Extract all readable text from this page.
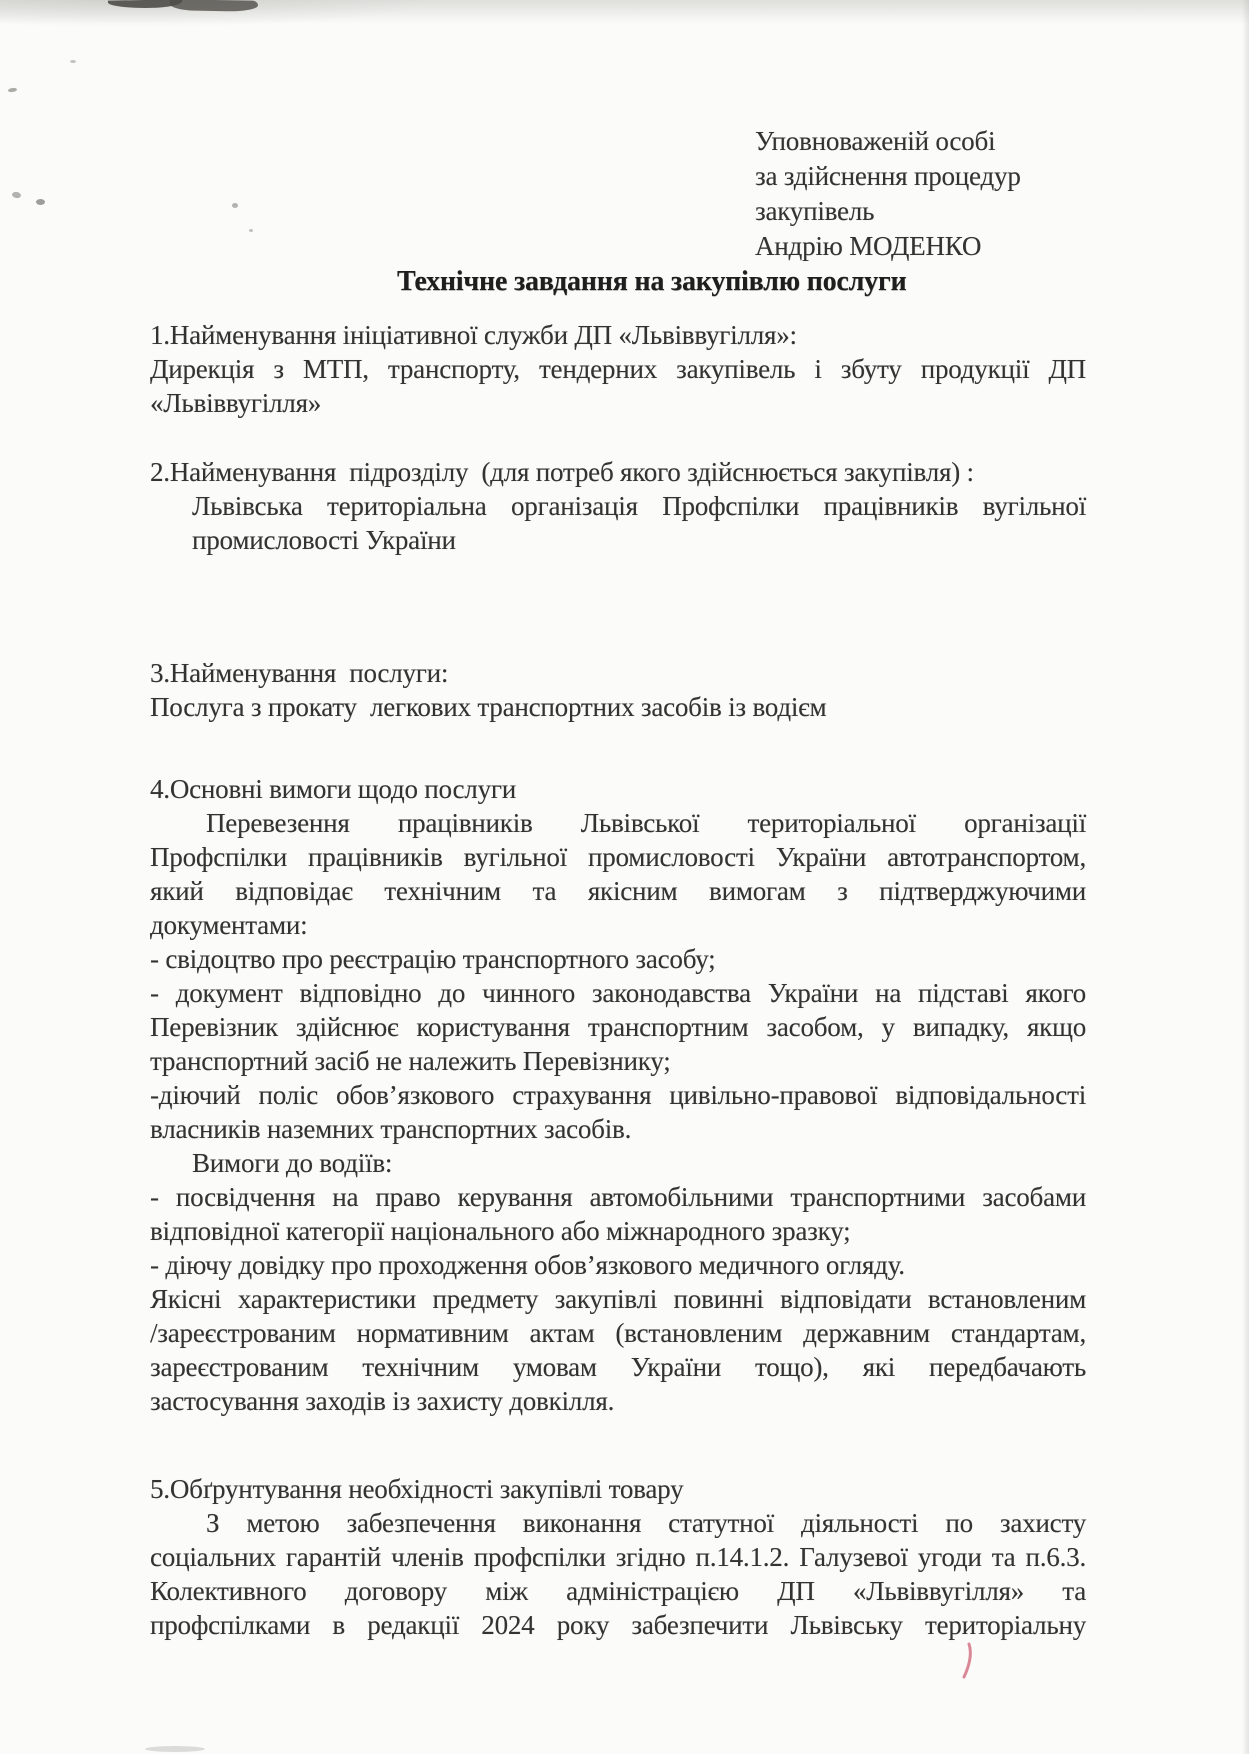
Уповноваженій особі
за здійснення процедур
закупівель
Андрію МОДЕНКО
Технічне завдання на закупівлю послуги
1.Найменування ініціативної служби ДП «Львіввугілля»:
Дирекція з МТП, транспорту, тендерних закупівель і збуту продукції ДП
«Львіввугілля»
2.Найменування  підрозділу  (для потреб якого здійснюється закупівля) :
Львівська територіальна організація Профспілки працівників вугільної
промисловості України
3.Найменування  послуги:
Послуга з прокату  легкових транспортних засобів із водієм
4.Основні вимоги щодо послуги
Перевезення працівників Львівської територіальної організації
Профспілки працівників вугільної промисловості України автотранспортом,
який відповідає технічним та якісним вимогам з підтверджуючими
документами:
- свідоцтво про реєстрацію транспортного засобу;
- документ відповідно до чинного законодавства України на підставі якого
Перевізник здійснює користування транспортним засобом, у випадку, якщо
транспортний засіб не належить Перевізнику;
-діючий поліс обов’язкового страхування цивільно-правової відповідальності
власників наземних транспортних засобів.
Вимоги до водіїв:
- посвідчення на право керування автомобільними транспортними засобами
відповідної категорії національного або міжнародного зразку;
- діючу довідку про проходження обов’язкового медичного огляду.
Якісні характеристики предмету закупівлі повинні відповідати встановленим
/зареєстрованим нормативним актам (встановленим державним стандартам,
зареєстрованим технічним умовам України тощо), які передбачають
застосування заходів із захисту довкілля.
5.Обґрунтування необхідності закупівлі товару
З метою забезпечення виконання статутної діяльності по захисту
соціальних гарантій членів профспілки згідно п.14.1.2. Галузевої угоди та п.6.3.
Колективного договору між адміністрацією ДП «Львіввугілля» та
профспілками в редакції 2024 року забезпечити Львівську територіальну
